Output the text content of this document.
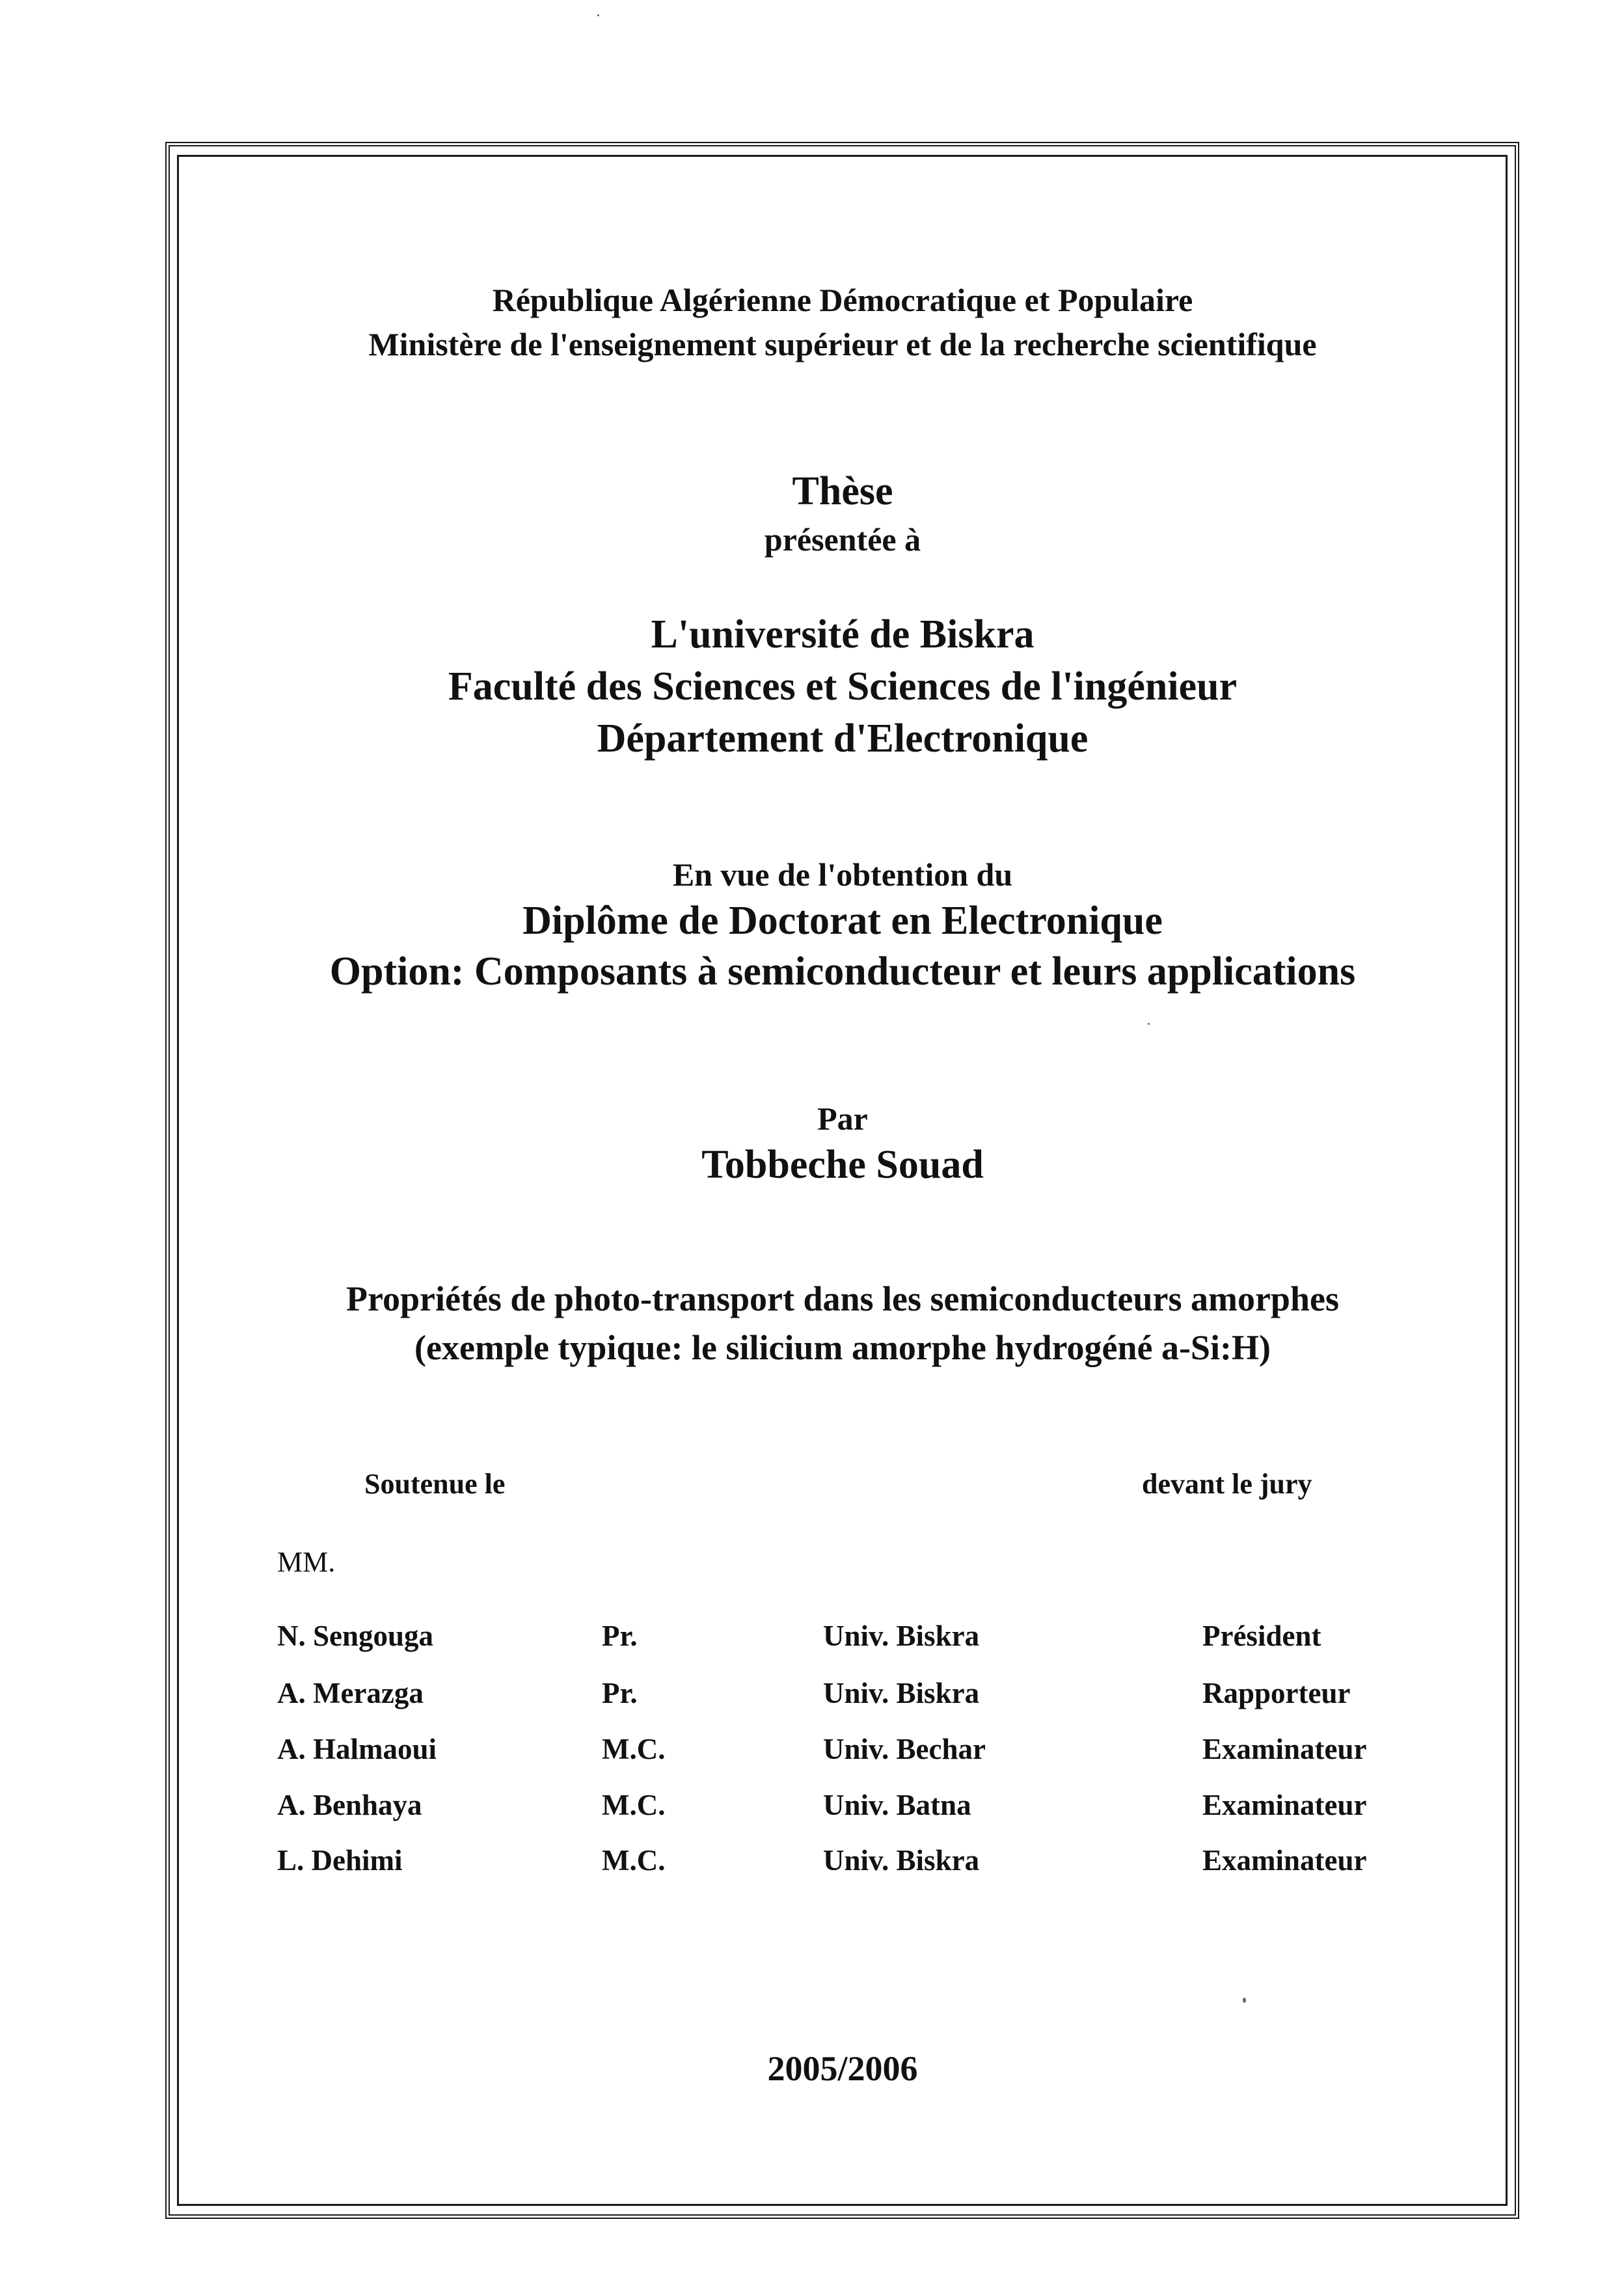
République Algérienne Démocratique et Populaire
Ministère de l'enseignement supérieur et de la recherche scientifique
Thèse
présentée à
L'université de Biskra
Faculté des Sciences et Sciences de l'ingénieur
Département d'Electronique
En vue de l'obtention du
Diplôme de Doctorat en Electronique
Option: Composants à semiconducteur et leurs applications
Par
Tobbeche Souad
Propriétés de photo-transport dans les semiconducteurs amorphes
(exemple typique: le silicium amorphe hydrogéné a-Si:H)
Soutenue le	devant le jury
MM.
N. Sengouga	Pr.	Univ. Biskra	Président
A. Merazga	Pr.	Univ. Biskra	Rapporteur
A. Halmaoui	M.C.	Univ. Bechar	Examinateur
A. Benhaya	M.C.	Univ. Batna	Examinateur
L. Dehimi	M.C.	Univ. Biskra	Examinateur
2005/2006
